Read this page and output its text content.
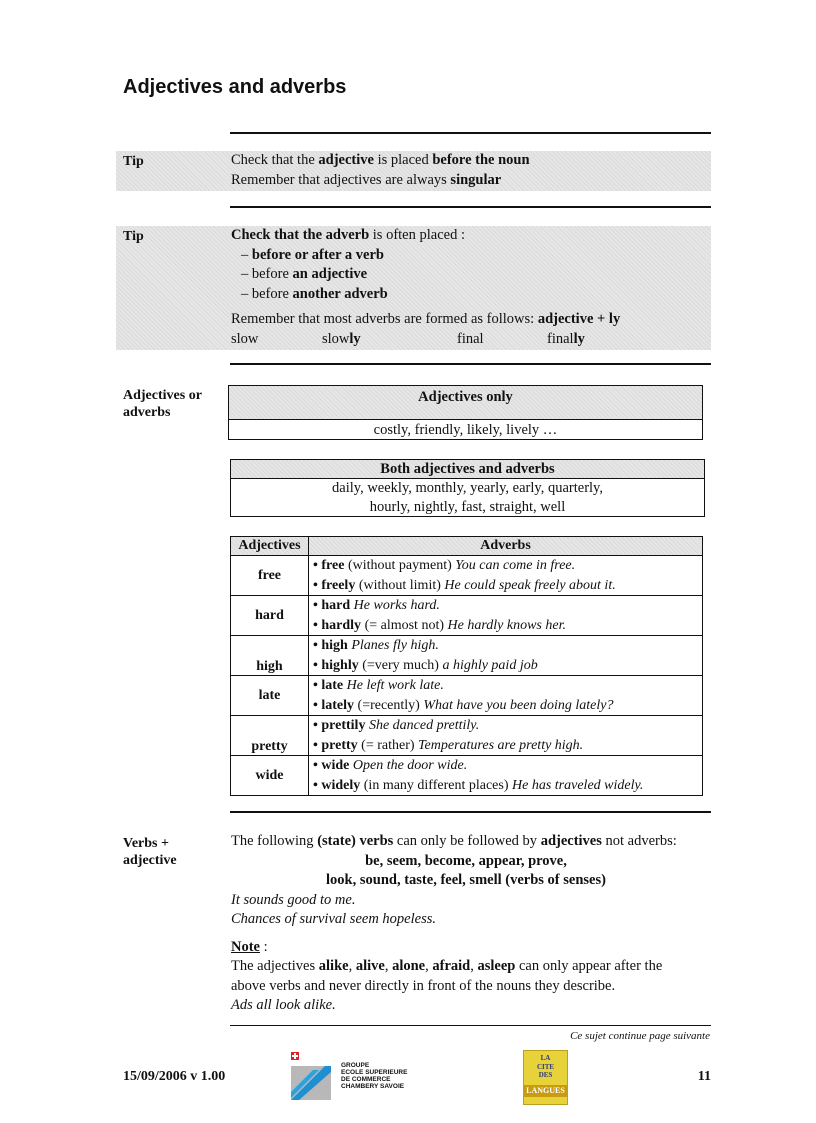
Adjectives and adverbs
Tip	Check that the adjective is placed before the noun
Remember that adjectives are always singular
Tip	Check that the adverb is often placed :
– before or after a verb
– before an adjective
– before another adverb
Remember that most adverbs are formed as follows: adjective + ly
slow	slowly	final	finally
Adjectives or adverbs
Adjectives only
costly, friendly, likely, lively …
Both adjectives and adverbs
daily, weekly, monthly, yearly, early, quarterly,
hourly, nightly, fast, straight, well
Adjectives	Adverbs
free	• free (without payment) You can come in free.
• freely (without limit) He could speak freely about it.

hard	• hard He works hard.
• hardly (= almost not) He hardly knows her.

high	• high Planes fly high.
• highly (=very much) a highly paid job

late	• late He left work late.
• lately (=recently) What have you been doing lately?

pretty	• prettily She danced prettily.
• pretty (= rather) Temperatures are pretty high.

wide	• wide Open the door wide.
• widely (in many different places) He has traveled widely.
Verbs + adjective
The following (state) verbs can only be followed by adjectives not adverbs:
be, seem, become, appear, prove,
look, sound, taste, feel, smell (verbs of senses)
It sounds good to me.
Chances of survival seem hopeless.
Note :
The adjectives alike, alive, alone, afraid, asleep can only appear after the
above verbs and never directly in front of the nouns they describe.
Ads all look alike.
Ce sujet continue page suivante
15/09/2006 v 1.00
GROUPE
ECOLE SUPERIEURE
DE COMMERCE
CHAMBERY SAVOIE
LA
CITE
DES
LANGUES
11
